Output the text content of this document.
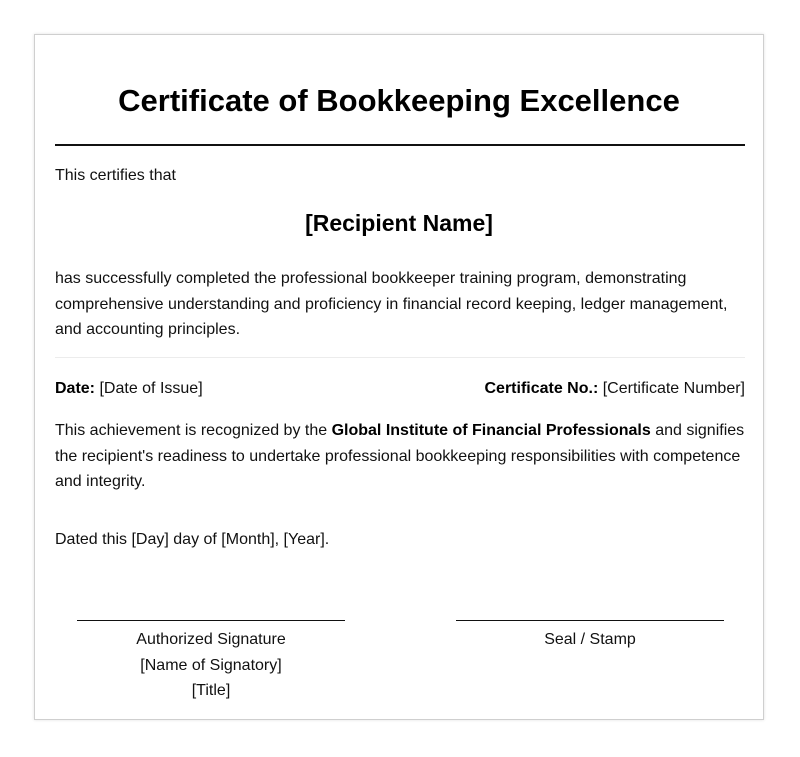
Certificate of Bookkeeping Excellence
This certifies that
[Recipient Name]

has successfully completed the professional bookkeeper training program, demonstrating comprehensive understanding and proficiency in financial record keeping, ledger management, and accounting principles.

Date: [Date of Issue]	Certificate No.: [Certificate Number]

This achievement is recognized by the Global Institute of Financial Professionals and signifies the recipient's readiness to undertake professional bookkeeping responsibilities with competence and integrity.

Dated this [Day] day of [Month], [Year].
Authorized Signature
[Name of Signatory]
[Title]
Seal / Stamp
